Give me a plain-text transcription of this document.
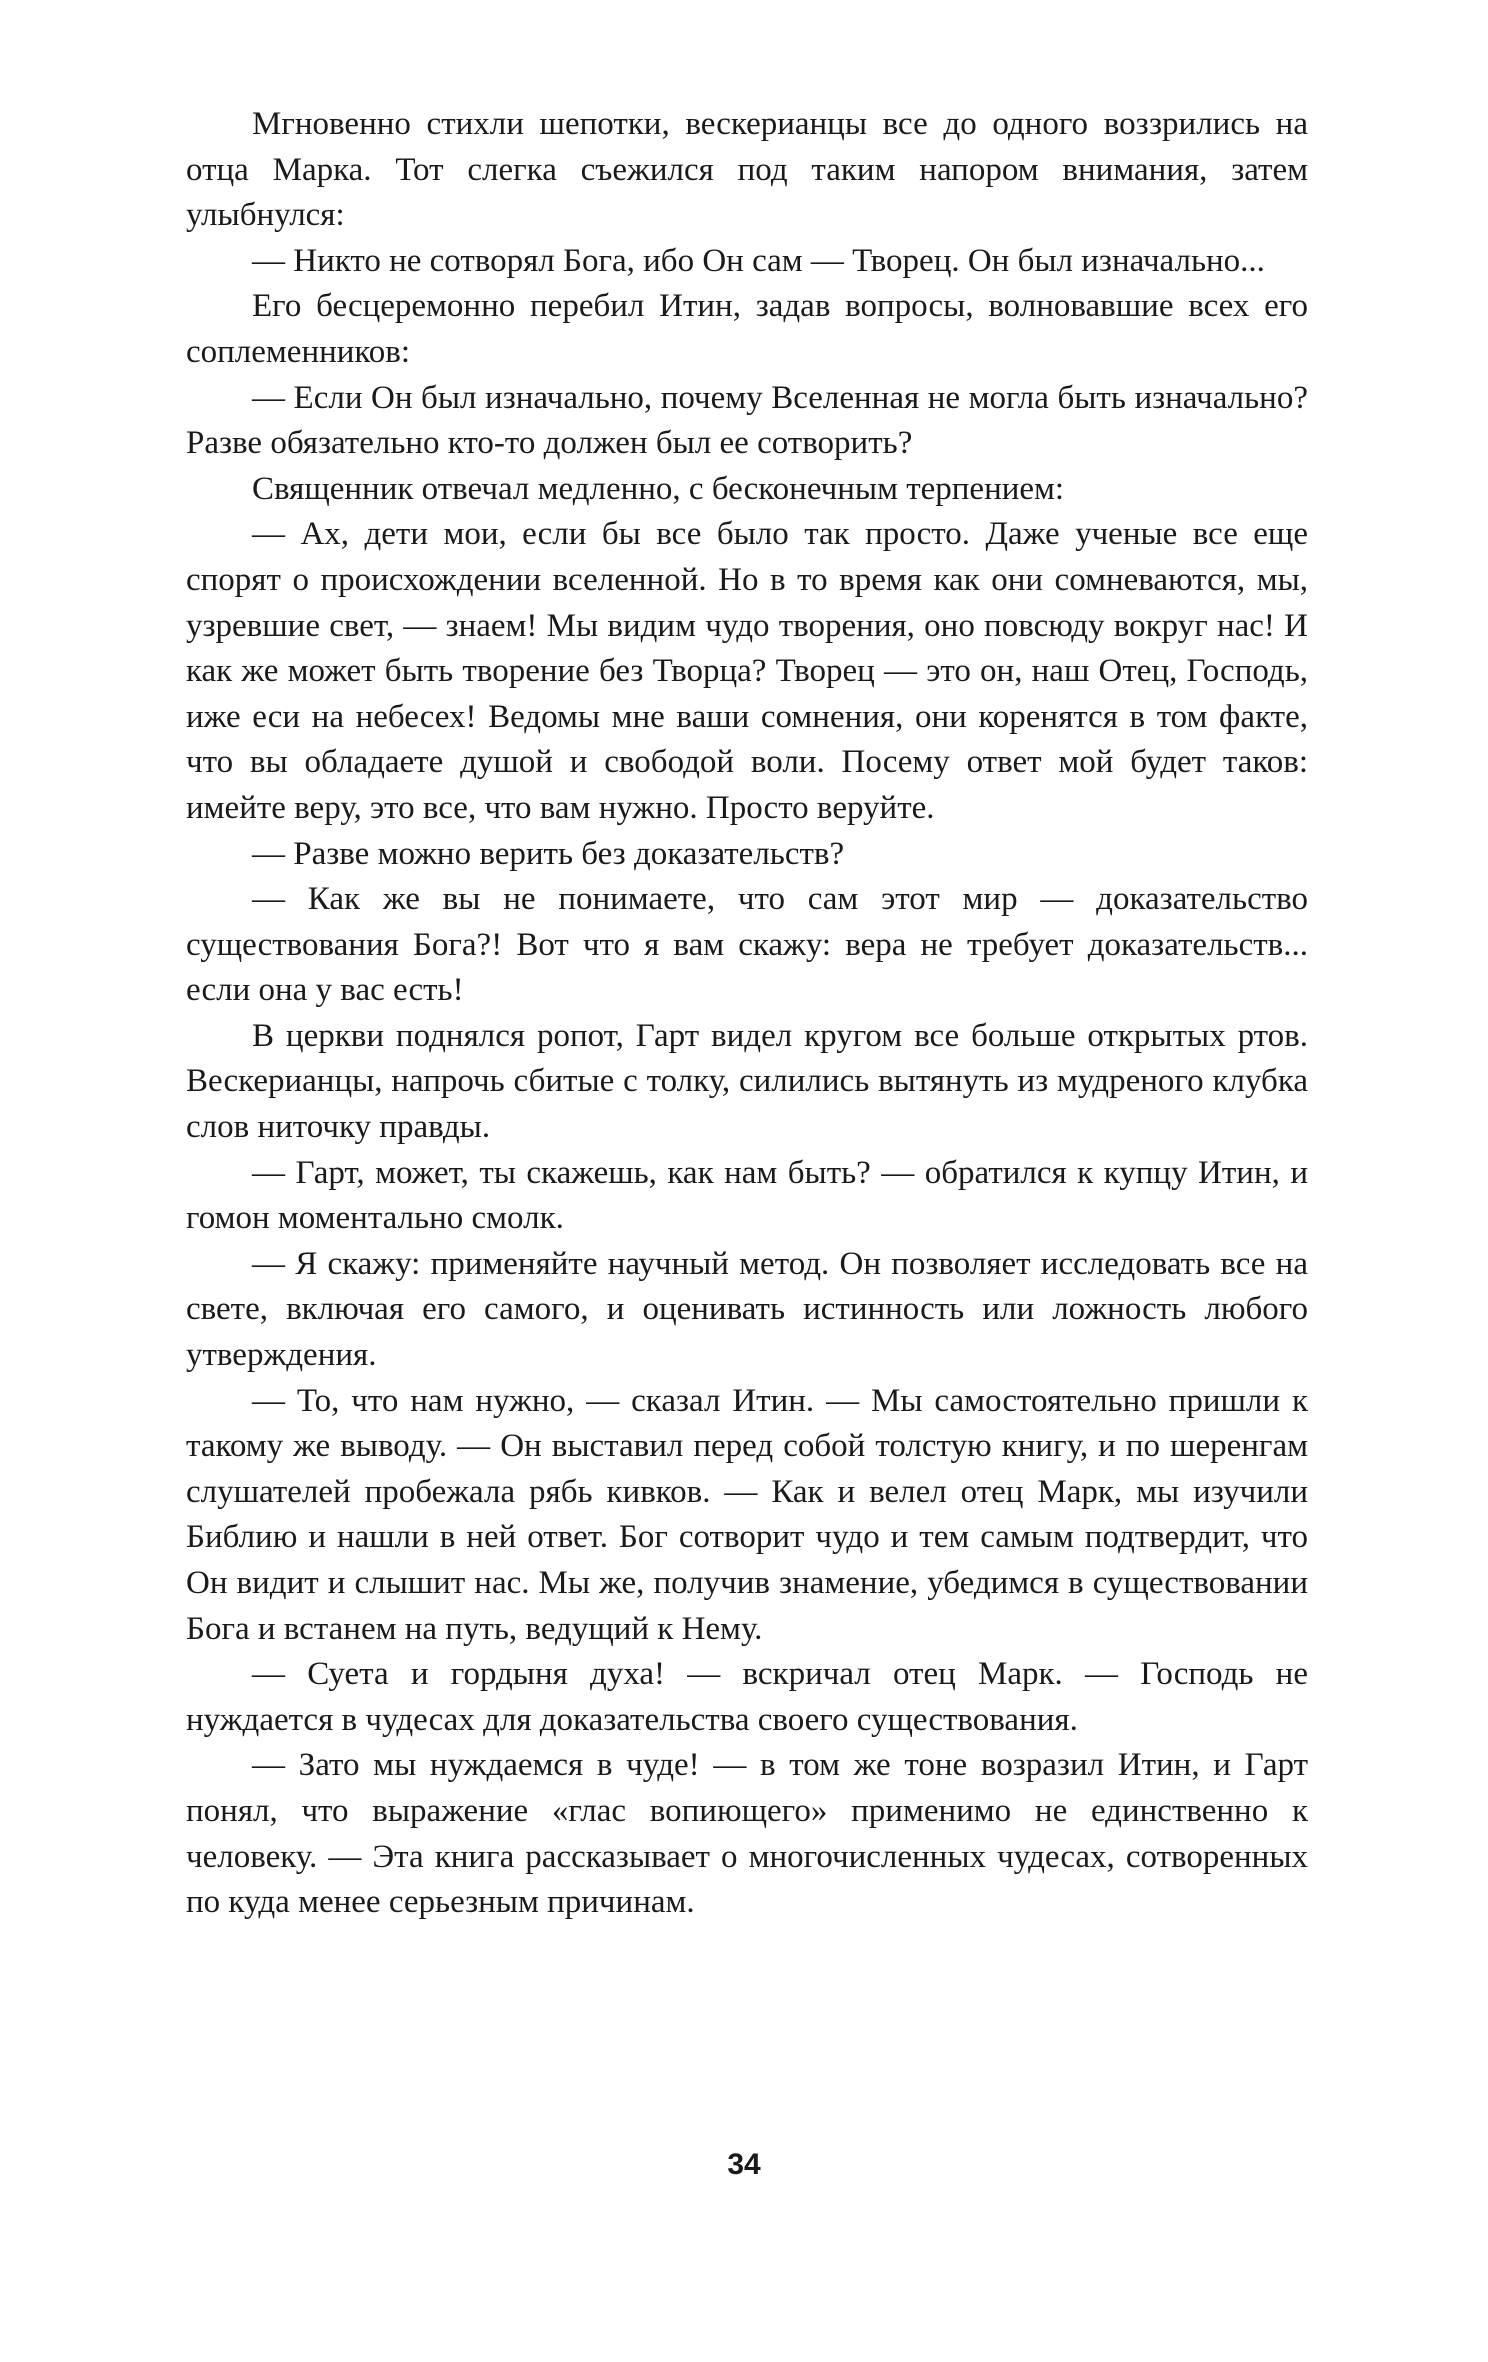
Мгновенно стихли шепотки, вескерианцы все до одного воззрились на отца Марка. Тот слегка съежился под таким напором внимания, затем улыбнулся:

— Никто не сотворял Бога, ибо Он сам — Творец. Он был изначально...

Его бесцеремонно перебил Итин, задав вопросы, волновавшие всех его соплеменников:

— Если Он был изначально, почему Вселенная не могла быть изначально? Разве обязательно кто-то должен был ее сотворить?

Священник отвечал медленно, с бесконечным терпением:

— Ах, дети мои, если бы все было так просто. Даже ученые все еще спорят о происхождении вселенной. Но в то время как они сомневаются, мы, узревшие свет, — знаем! Мы видим чудо творения, оно повсюду вокруг нас! И как же может быть творение без Творца? Творец — это он, наш Отец, Господь, иже еси на небесех! Ведомы мне ваши сомнения, они коренятся в том факте, что вы обладаете душой и свободой воли. Посему ответ мой будет таков: имейте веру, это все, что вам нужно. Просто веруйте.

— Разве можно верить без доказательств?

— Как же вы не понимаете, что сам этот мир — доказательство существования Бога?! Вот что я вам скажу: вера не требует доказательств... если она у вас есть!

В церкви поднялся ропот, Гарт видел кругом все больше открытых ртов. Вескерианцы, напрочь сбитые с толку, силились вытянуть из мудреного клубка слов ниточку правды.

— Гарт, может, ты скажешь, как нам быть? — обратился к купцу Итин, и гомон моментально смолк.

— Я скажу: применяйте научный метод. Он позволяет исследовать все на свете, включая его самого, и оценивать истинность или ложность любого утверждения.

— То, что нам нужно, — сказал Итин. — Мы самостоятельно пришли к такому же выводу. — Он выставил перед собой толстую книгу, и по шеренгам слушателей пробежала рябь кивков. — Как и велел отец Марк, мы изучили Библию и нашли в ней ответ. Бог сотворит чудо и тем самым подтвердит, что Он видит и слышит нас. Мы же, получив знамение, убедимся в существовании Бога и встанем на путь, ведущий к Нему.

— Суета и гордыня духа! — вскричал отец Марк. — Господь не нуждается в чудесах для доказательства своего существования.

— Зато мы нуждаемся в чуде! — в том же тоне возразил Итин, и Гарт понял, что выражение «глас вопиющего» применимо не единственно к человеку. — Эта книга рассказывает о многочисленных чудесах, сотворенных по куда менее серьезным причинам.

34
